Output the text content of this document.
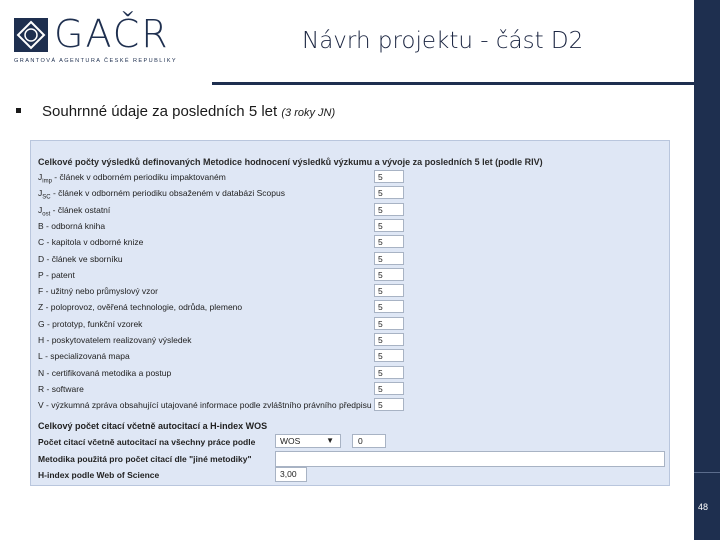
GAČR
GRANTOVÁ AGENTURA ČESKÉ REPUBLIKY
Návrh projektu - část D2
48
Souhrnné údaje za posledních 5 let (3 roky JN)
Celkové počty výsledků definovaných Metodice hodnocení výsledků výzkumu a vývoje za posledních 5 let (podle RIV)
$J_{imp}$ - článek v odborném periodiku impaktovaném	5
$J_{SC}$ - článek v odborném periodiku obsaženém v databázi Scopus	5
$J_{ost}$ - článek ostatní	5
B - odborná kniha	5
C - kapitola v odborné knize	5
D - článek ve sborníku	5
P - patent	5
F - užitný nebo průmyslový vzor	5
Z - poloprovoz, ověřená technologie, odrůda, plemeno	5
G - prototyp, funkční vzorek	5
H - poskytovatelem realizovaný výsledek	5
L - specializovaná mapa	5
N - certifikovaná metodika a postup	5
R - software	5
V - výzkumná zpráva obsahující utajované informace podle zvláštního právního předpisu 5
Celkový počet citací včetně autocitací a H-index WOS
Počet citací včetně autocitací na všechny práce podle	WOS	▼	0
Metodika použitá pro počet citací dle "jiné metodiky"
H-index podle Web of Science	3,00
